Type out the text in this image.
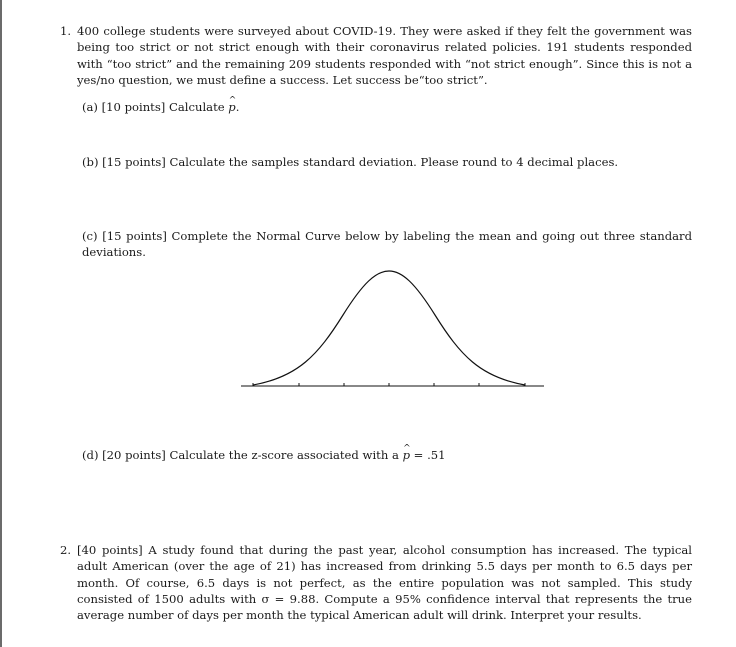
1. 400 college students were surveyed about COVID-19. They were asked if they felt the government was being too strict or not strict enough with their coronavirus related policies. 191 students responded with “too strict” and the remaining 209 students responded with “not strict enough”. Since this is not a yes/no question, we must define a success. Let success be“too strict”.

(a) [10 points] Calculate ^ p.
(b) [15 points] Calculate the samples standard deviation. Please round to 4 decimal places.
(c) [15 points] Complete the Normal Curve below by labeling the mean and going out three standard deviations.
(d) [20 points] Calculate the z-score associated with a ^ p = .51
2. [40 points] A study found that during the past year, alcohol consumption has increased. The typical adult American (over the age of 21) has increased from drinking 5.5 days per month to 6.5 days per month. Of course, 6.5 days is not perfect, as the entire population was not sampled. This study consisted of 1500 adults with σ = 9.88. Compute a 95% confidence interval that represents the true average number of days per month the typical American adult will drink. Interpret your results.
